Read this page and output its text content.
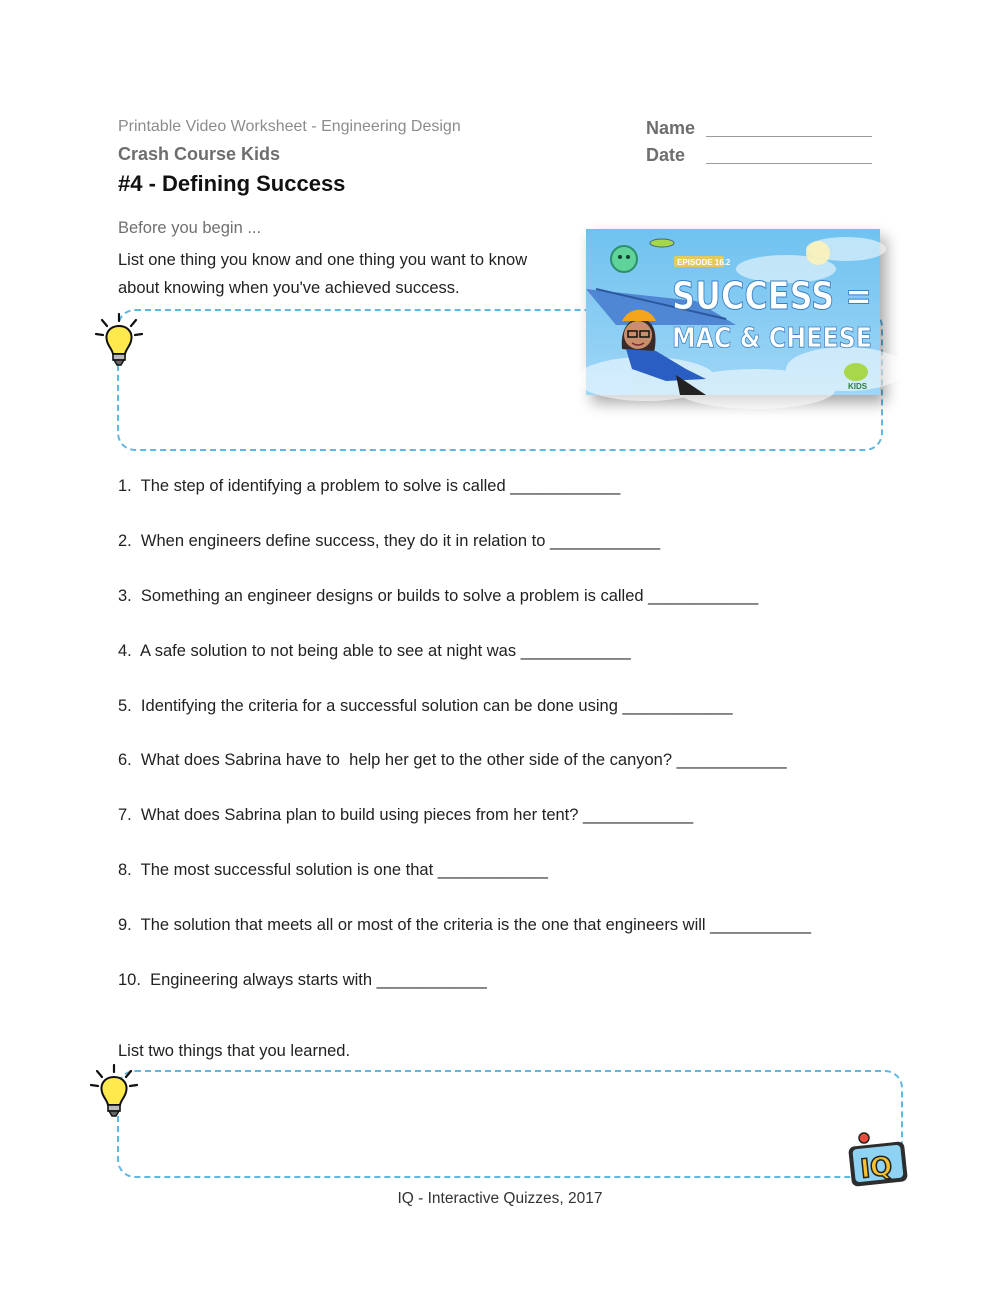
Printable Video Worksheet - Engineering Design
Crash Course Kids
#4 - Defining Success
Name
Date
Before you begin ...
List one thing you know and one thing you want to know about knowing when you've achieved success.
EPISODE 16.2
SUCCESS =
MAC & CHEESE
KIDS
1.  The step of identifying a problem to solve is called ____________
2.  When engineers define success, they do it in relation to ____________
3.  Something an engineer designs or builds to solve a problem is called ____________
4.  A safe solution to not being able to see at night was ____________
5.  Identifying the criteria for a successful solution can be done using ____________
6.  What does Sabrina have to  help her get to the other side of the canyon? ____________
7.  What does Sabrina plan to build using pieces from her tent? ____________
8.  The most successful solution is one that ____________
9.  The solution that meets all or most of the criteria is the one that engineers will ___________
10.  Engineering always starts with ____________
List two things that you learned.
IQ
IQ - Interactive Quizzes, 2017
